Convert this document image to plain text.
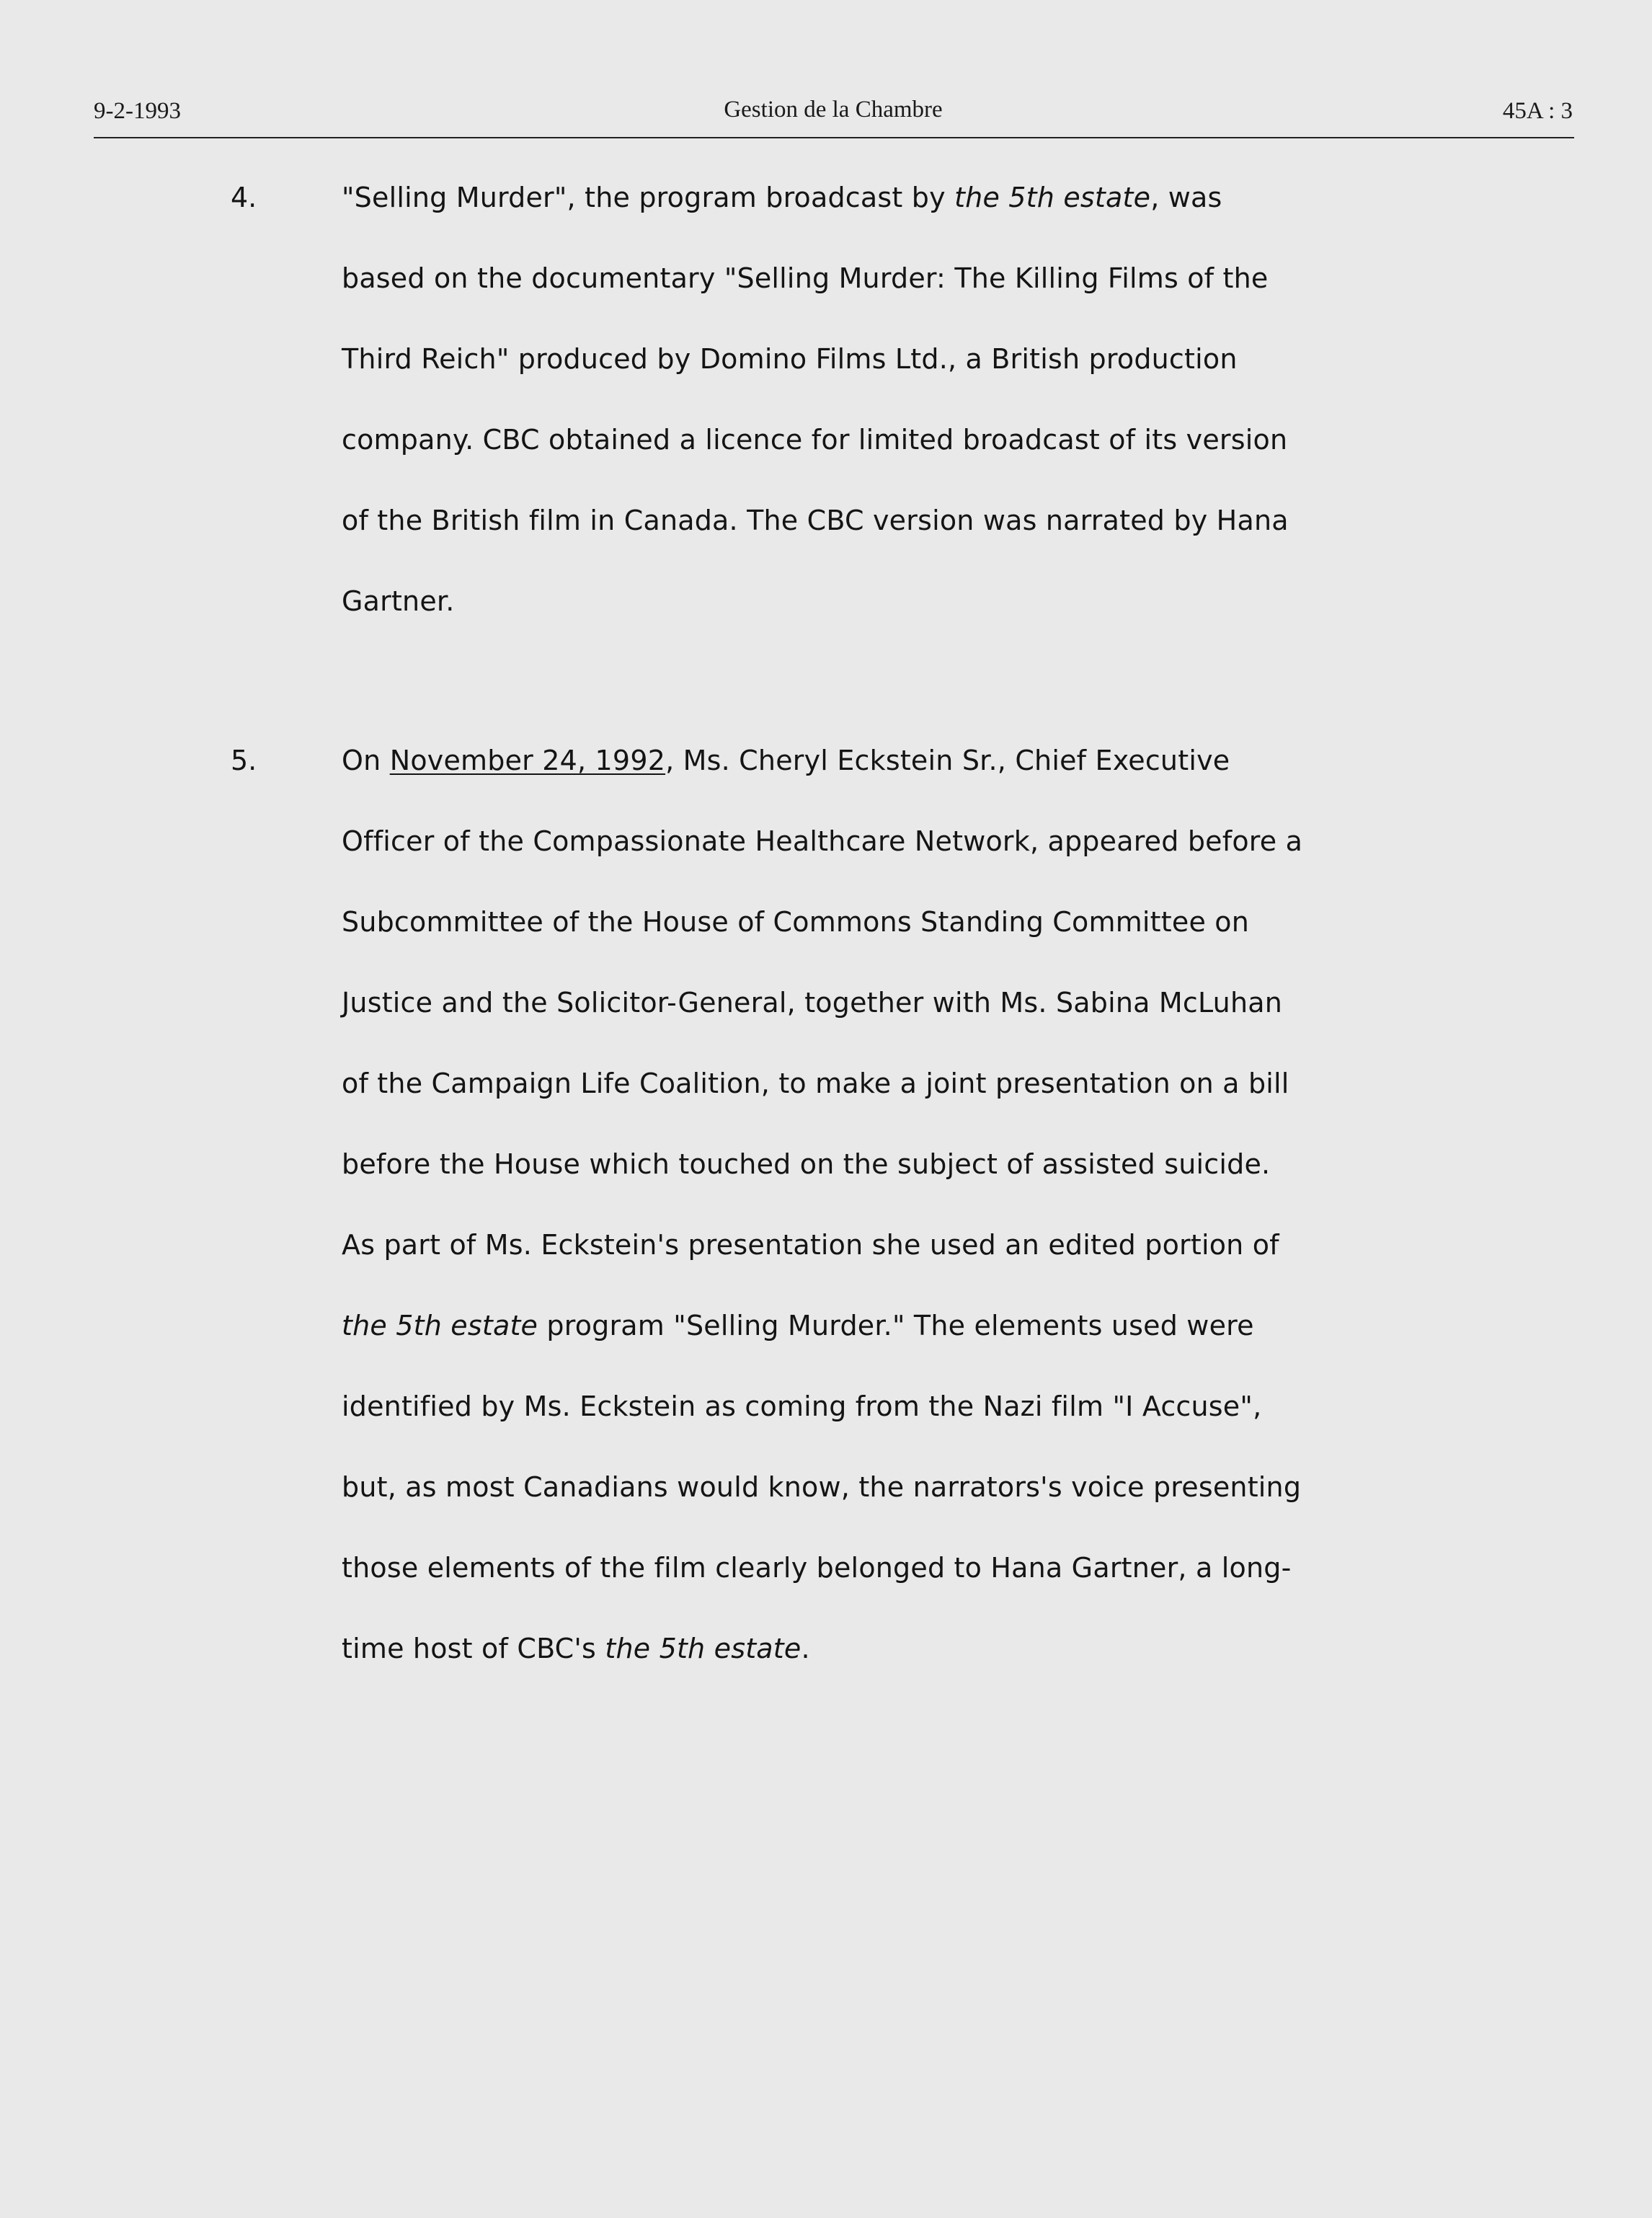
9-2-1993	Gestion de la Chambre	45A : 3
4.	"Selling Murder", the program broadcast by the 5th estate, was
based on the documentary "Selling Murder: The Killing Films of the
Third Reich" produced by Domino Films Ltd., a British production
company. CBC obtained a licence for limited broadcast of its version
of the British film in Canada. The CBC version was narrated by Hana
Gartner.
5.	On November 24, 1992, Ms. Cheryl Eckstein Sr., Chief Executive
Officer of the Compassionate Healthcare Network, appeared before a
Subcommittee of the House of Commons Standing Committee on
Justice and the Solicitor-General, together with Ms. Sabina McLuhan
of the Campaign Life Coalition, to make a joint presentation on a bill
before the House which touched on the subject of assisted suicide.
As part of Ms. Eckstein's presentation she used an edited portion of
the 5th estate program "Selling Murder." The elements used were
identified by Ms. Eckstein as coming from the Nazi film "I Accuse",
but, as most Canadians would know, the narrators's voice presenting
those elements of the film clearly belonged to Hana Gartner, a long-
time host of CBC's the 5th estate.
